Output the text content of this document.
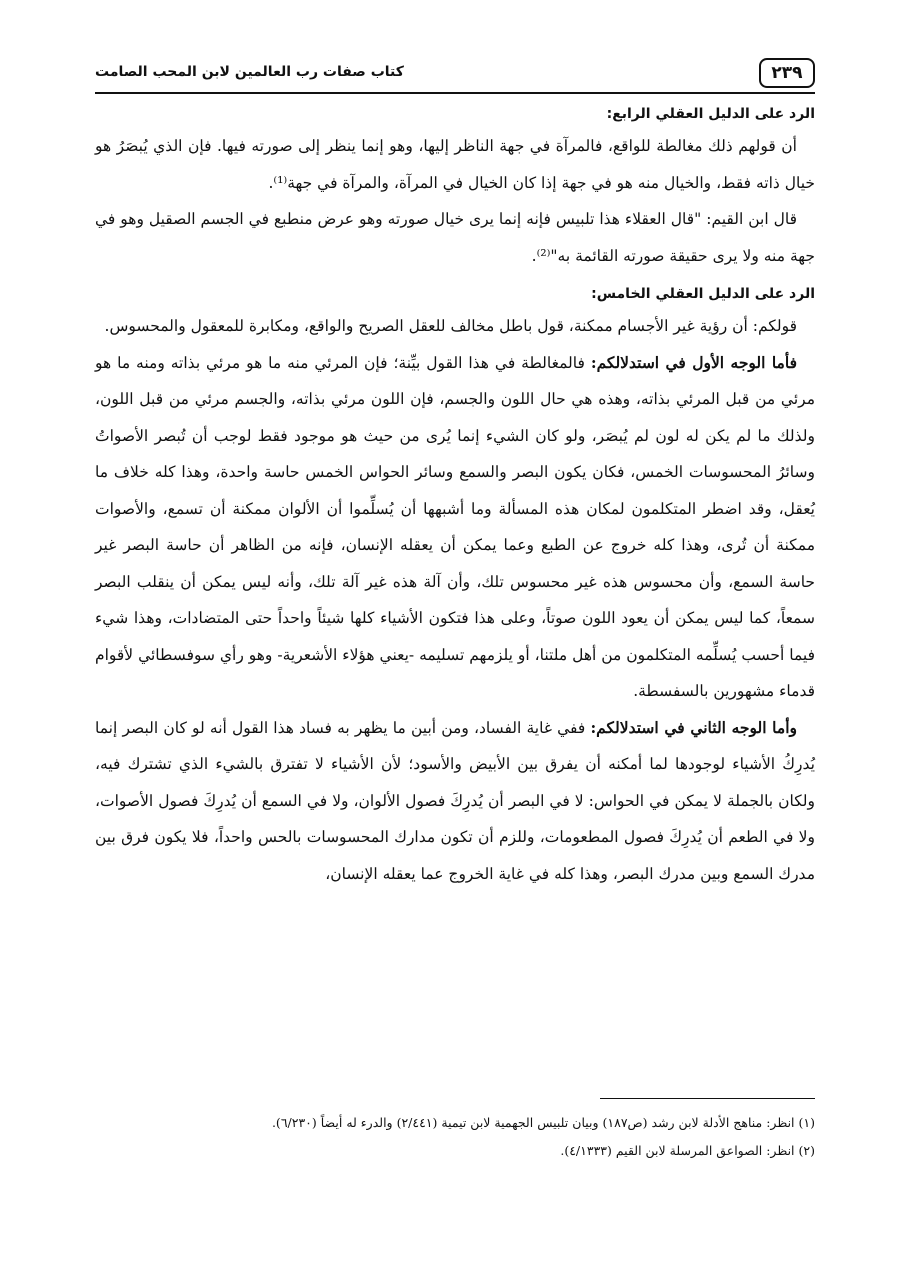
٢٣٩
كتاب صفات رب العالمين لابن المحب الصامت
الرد على الدليل العقلي الرابع:

أن قولهم ذلك مغالطة للواقع، فالمرآة في جهة الناظر إليها، وهو إنما ينظر إلى صورته فيها. فإن الذي يُبصَرُ هو خيال ذاته فقط، والخيال منه هو في جهة إذا كان الخيال في المرآة، والمرآة في جهة⁽¹⁾.

قال ابن القيم: "قال العقلاء هذا تلبيس فإنه إنما يرى خيال صورته وهو عرض منطبع في الجسم الصقيل وهو في جهة منه ولا يرى حقيقة صورته القائمة به"⁽²⁾.

الرد على الدليل العقلي الخامس:

قولكم: أن رؤية غير الأجسام ممكنة، قول باطل مخالف للعقل الصريح والواقع، ومكابرة للمعقول والمحسوس.

فأما الوجه الأول في استدلالكم: فالمغالطة في هذا القول بيِّنة؛ فإن المرئي منه ما هو مرئي بذاته ومنه ما هو مرئي من قبل المرئي بذاته، وهذه هي حال اللون والجسم، فإن اللون مرئي بذاته، والجسم مرئي من قبل اللون، ولذلك ما لم يكن له لون لم يُبصَر، ولو كان الشيء إنما يُرى من حيث هو موجود فقط لوجب أن تُبصر الأصواتُ وسائرُ المحسوسات الخمس، فكان يكون البصر والسمع وسائر الحواس الخمس حاسة واحدة، وهذا كله خلاف ما يُعقل، وقد اضطر المتكلمون لمكان هذه المسألة وما أشبهها أن يُسلِّموا أن الألوان ممكنة أن تسمع، والأصوات ممكنة أن تُرى، وهذا كله خروج عن الطبع وعما يمكن أن يعقله الإنسان، فإنه من الظاهر أن حاسة البصر غير حاسة السمع، وأن محسوس هذه غير محسوس تلك، وأن آلة هذه غير آلة تلك، وأنه ليس يمكن أن ينقلب البصر سمعاً، كما ليس يمكن أن يعود اللون صوتاً، وعلى هذا فتكون الأشياء كلها شيئاً واحداً حتى المتضادات، وهذا شيء فيما أحسب يُسلِّمه المتكلمون من أهل ملتنا، أو يلزمهم تسليمه -يعني هؤلاء الأشعرية- وهو رأي سوفسطائي لأقوام قدماء مشهورين بالسفسطة.

وأما الوجه الثاني في استدلالكم: ففي غاية الفساد، ومن أبين ما يظهر به فساد هذا القول أنه لو كان البصر إنما يُدرِكُ الأشياء لوجودها لما أمكنه أن يفرق بين الأبيض والأسود؛ لأن الأشياء لا تفترق بالشيء الذي تشترك فيه، ولكان بالجملة لا يمكن في الحواس: لا في البصر أن يُدرِكَ فصول الألوان، ولا في السمع أن يُدرِكَ فصول الأصوات، ولا في الطعم أن يُدرِكَ فصول المطعومات، وللزم أن تكون مدارك المحسوسات بالحس واحداً، فلا يكون فرق بين مدرك السمع وبين مدرك البصر، وهذا كله في غاية الخروج عما يعقله الإنسان،

(١) انظر: مناهج الأدلة لابن رشد (ص١٨٧) وبيان تلبيس الجهمية لابن تيمية (٢/٤٤١) والدرء له أيضاً (٦/٢٣٠).

(٢) انظر: الصواعق المرسلة لابن القيم (٤/١٣٣٣).
